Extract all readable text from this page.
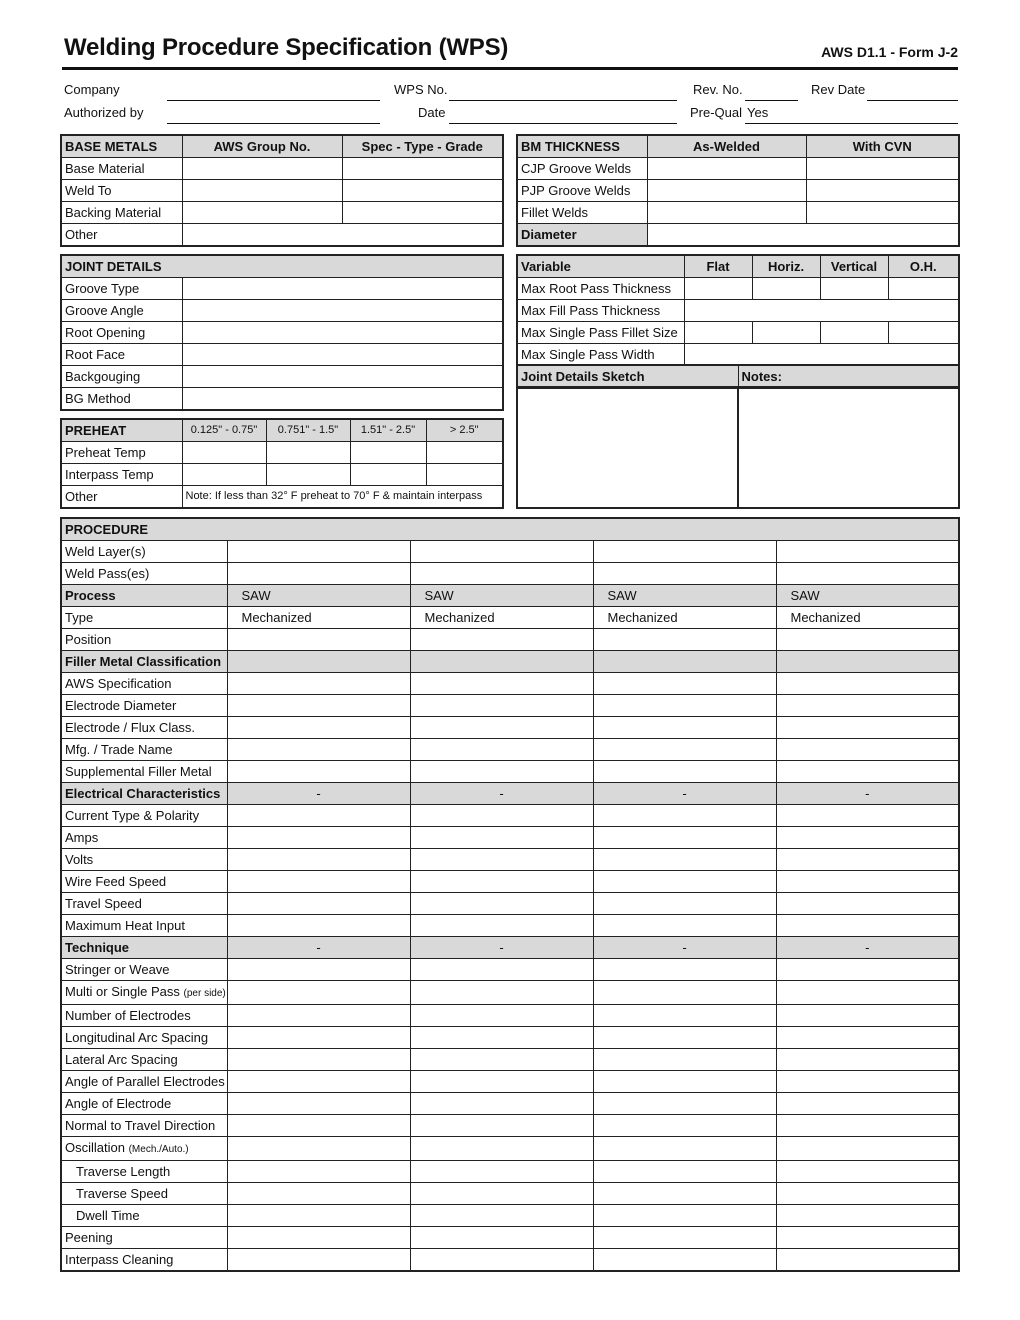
Welding Procedure Specification (WPS)	AWS D1.1 - Form J-2
Company	WPS No.	Rev. No.	Rev Date
Authorized by	Date	Pre-Qual Yes
BASE METALS	AWS Group No.	Spec - Type - Grade
Base Material		
Weld To		
Backing Material		
Other		
BM THICKNESS	As-Welded	With CVN
CJP Groove Welds		
PJP Groove Welds		
Fillet Welds		
Diameter		
JOINT DETAILS	
Groove Type	
Groove Angle	
Root Opening	
Root Face	
Backgouging	
BG Method	
Variable	Flat	Horiz.	Vertical	O.H.
Max Root Pass Thickness				
Max Fill Pass Thickness				
Max Single Pass Fillet Size				
Max Single Pass Width				
Joint Details Sketch	Notes:
PREHEAT	0.125" - 0.75"	0.751" - 1.5"	1.51" - 2.5"	> 2.5"
Preheat Temp				
Interpass Temp				
Other	Note: If less than 32° F preheat to 70° F & maintain interpass			
PROCEDURE				
Weld Layer(s)				
Weld Pass(es)				
Process	SAW	SAW	SAW	SAW
Type	Mechanized	Mechanized	Mechanized	Mechanized
Position				
Filler Metal Classification				
AWS Specification				
Electrode Diameter				
Electrode / Flux Class.				
Mfg. / Trade Name				
Supplemental Filler Metal				
Electrical Characteristics	-	-	-	-
Current Type & Polarity				
Amps				
Volts				
Wire Feed Speed				
Travel Speed				
Maximum Heat Input				
Technique	-	-	-	-
Stringer or Weave				
Multi or Single Pass (per side)				
Number of Electrodes				
Longitudinal Arc Spacing				
Lateral Arc Spacing				
Angle of Parallel Electrodes				
Angle of Electrode				
Normal to Travel Direction				
Oscillation (Mech./Auto.)				
Traverse Length				
Traverse Speed				
Dwell Time				
Peening				
Interpass Cleaning				
